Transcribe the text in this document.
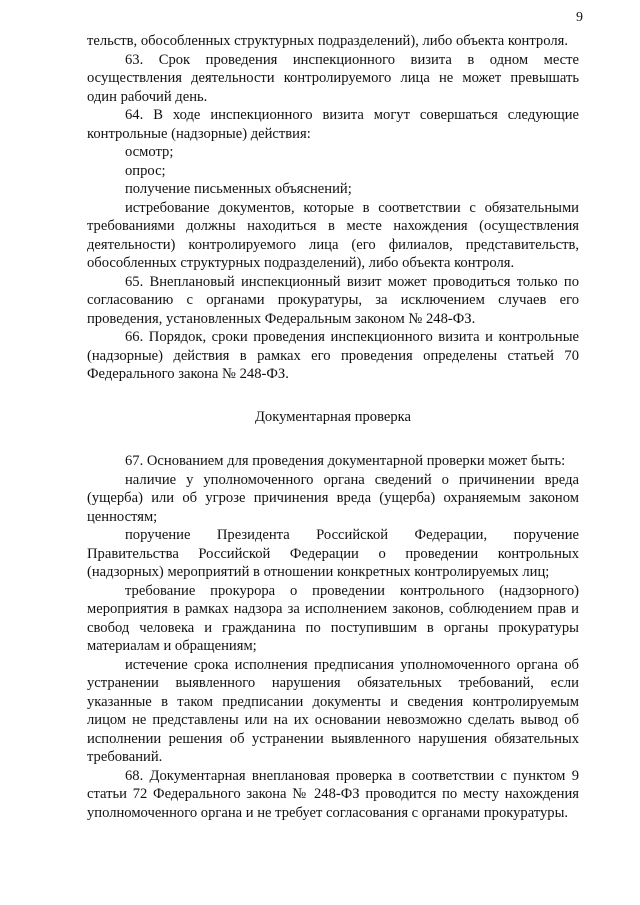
9

тельств, обособленных структурных подразделений), либо объекта контроля.

63. Срок проведения инспекционного визита в одном месте осуществления деятельности контролируемого лица не может превышать один рабочий день.

64. В ходе инспекционного визита могут совершаться следующие контрольные (надзорные) действия:

осмотр;

опрос;

получение письменных объяснений;

истребование документов, которые в соответствии с обязательными требованиями должны находиться в месте нахождения (осуществления деятельности) контролируемого лица (его филиалов, представительств, обособленных структурных подразделений), либо объекта контроля.

65. Внеплановый инспекционный визит может проводиться только по согласованию с органами прокуратуры, за исключением случаев его проведения, установленных Федеральным законом № 248-ФЗ.

66. Порядок, сроки проведения инспекционного визита и контрольные (надзорные) действия в рамках его проведения определены статьей 70 Федерального закона № 248-ФЗ.

Документарная проверка

67. Основанием для проведения документарной проверки может быть:

наличие у уполномоченного органа сведений о причинении вреда (ущерба) или об угрозе причинения вреда (ущерба) охраняемым законом ценностям;

поручение Президента Российской Федерации, поручение Правительства Российской Федерации о проведении контрольных (надзорных) мероприятий в отношении конкретных контролируемых лиц;

требование прокурора о проведении контрольного (надзорного) мероприятия в рамках надзора за исполнением законов, соблюдением прав и свобод человека и гражданина по поступившим в органы прокуратуры материалам и обращениям;

истечение срока исполнения предписания уполномоченного органа об устранении выявленного нарушения обязательных требований, если указанные в таком предписании документы и сведения контролируемым лицом не представлены или на их основании невозможно сделать вывод об исполнении решения об устранении выявленного нарушения обязательных требований.

68. Документарная внеплановая проверка в соответствии с пунктом 9 статьи 72 Федерального закона № 248-ФЗ проводится по месту нахождения уполномоченного органа и не требует согласования с органами прокуратуры.
